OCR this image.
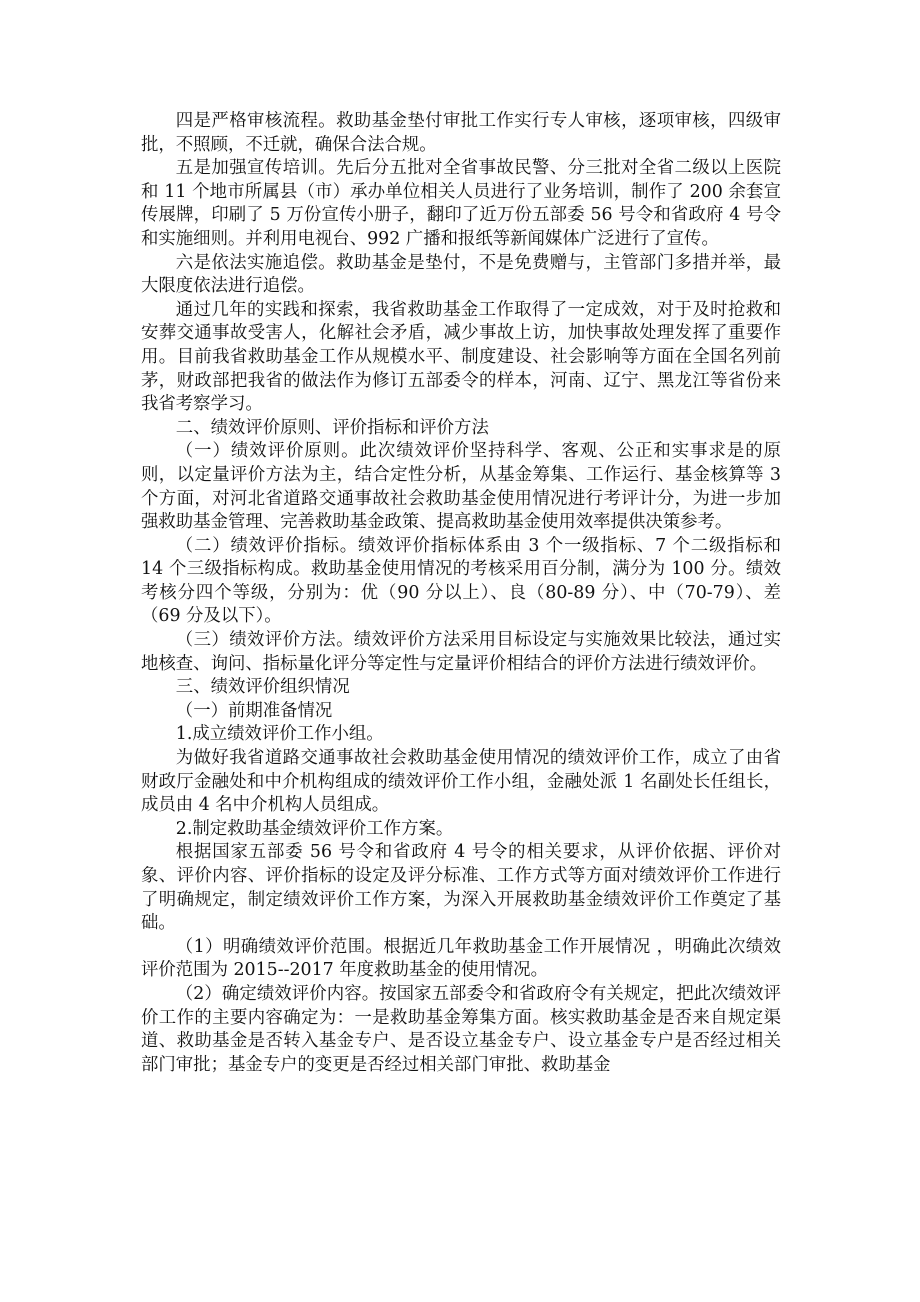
四是严格审核流程。救助基金垫付审批工作实行专人审核，逐项审核，四级审批，不照顾，不迁就，确保合法合规。

五是加强宣传培训。先后分五批对全省事故民警、分三批对全省二级以上医院和 11 个地市所属县（市）承办单位相关人员进行了业务培训，制作了 200 余套宣传展牌，印刷了 5 万份宣传小册子，翻印了近万份五部委 56 号令和省政府 4 号令和实施细则。并利用电视台、992 广播和报纸等新闻媒体广泛进行了宣传。

六是依法实施追偿。救助基金是垫付，不是免费赠与，主管部门多措并举，最大限度依法进行追偿。

通过几年的实践和探索，我省救助基金工作取得了一定成效，对于及时抢救和安葬交通事故受害人，化解社会矛盾，减少事故上访，加快事故处理发挥了重要作用。目前我省救助基金工作从规模水平、制度建设、社会影响等方面在全国名列前茅，财政部把我省的做法作为修订五部委令的样本，河南、辽宁、黑龙江等省份来我省考察学习。

二、绩效评价原则、评价指标和评价方法

（一）绩效评价原则。此次绩效评价坚持科学、客观、公正和实事求是的原则，以定量评价方法为主，结合定性分析，从基金筹集、工作运行、基金核算等 3 个方面，对河北省道路交通事故社会救助基金使用情况进行考评计分，为进一步加强救助基金管理、完善救助基金政策、提高救助基金使用效率提供决策参考。

（二）绩效评价指标。绩效评价指标体系由 3 个一级指标、7 个二级指标和 14 个三级指标构成。救助基金使用情况的考核采用百分制，满分为 100 分。绩效考核分四个等级，分别为：优（90 分以上）、良（80-89 分）、中（70-79）、差（69 分及以下）。

（三）绩效评价方法。绩效评价方法采用目标设定与实施效果比较法，通过实地核查、询问、指标量化评分等定性与定量评价相结合的评价方法进行绩效评价。

三、绩效评价组织情况

（一）前期准备情况

1.成立绩效评价工作小组。

为做好我省道路交通事故社会救助基金使用情况的绩效评价工作，成立了由省财政厅金融处和中介机构组成的绩效评价工作小组，金融处派 1 名副处长任组长，成员由 4 名中介机构人员组成。

2.制定救助基金绩效评价工作方案。

根据国家五部委 56 号令和省政府 4 号令的相关要求，从评价依据、评价对象、评价内容、评价指标的设定及评分标准、工作方式等方面对绩效评价工作进行了明确规定，制定绩效评价工作方案，为深入开展救助基金绩效评价工作奠定了基础。

（1）明确绩效评价范围。根据近几年救助基金工作开展情况 ，明确此次绩效评价范围为 2015--2017 年度救助基金的使用情况。

（2）确定绩效评价内容。按国家五部委令和省政府令有关规定，把此次绩效评价工作的主要内容确定为：一是救助基金筹集方面。核实救助基金是否来自规定渠道、救助基金是否转入基金专户、是否设立基金专户、设立基金专户是否经过相关部门审批；基金专户的变更是否经过相关部门审批、救助基金
